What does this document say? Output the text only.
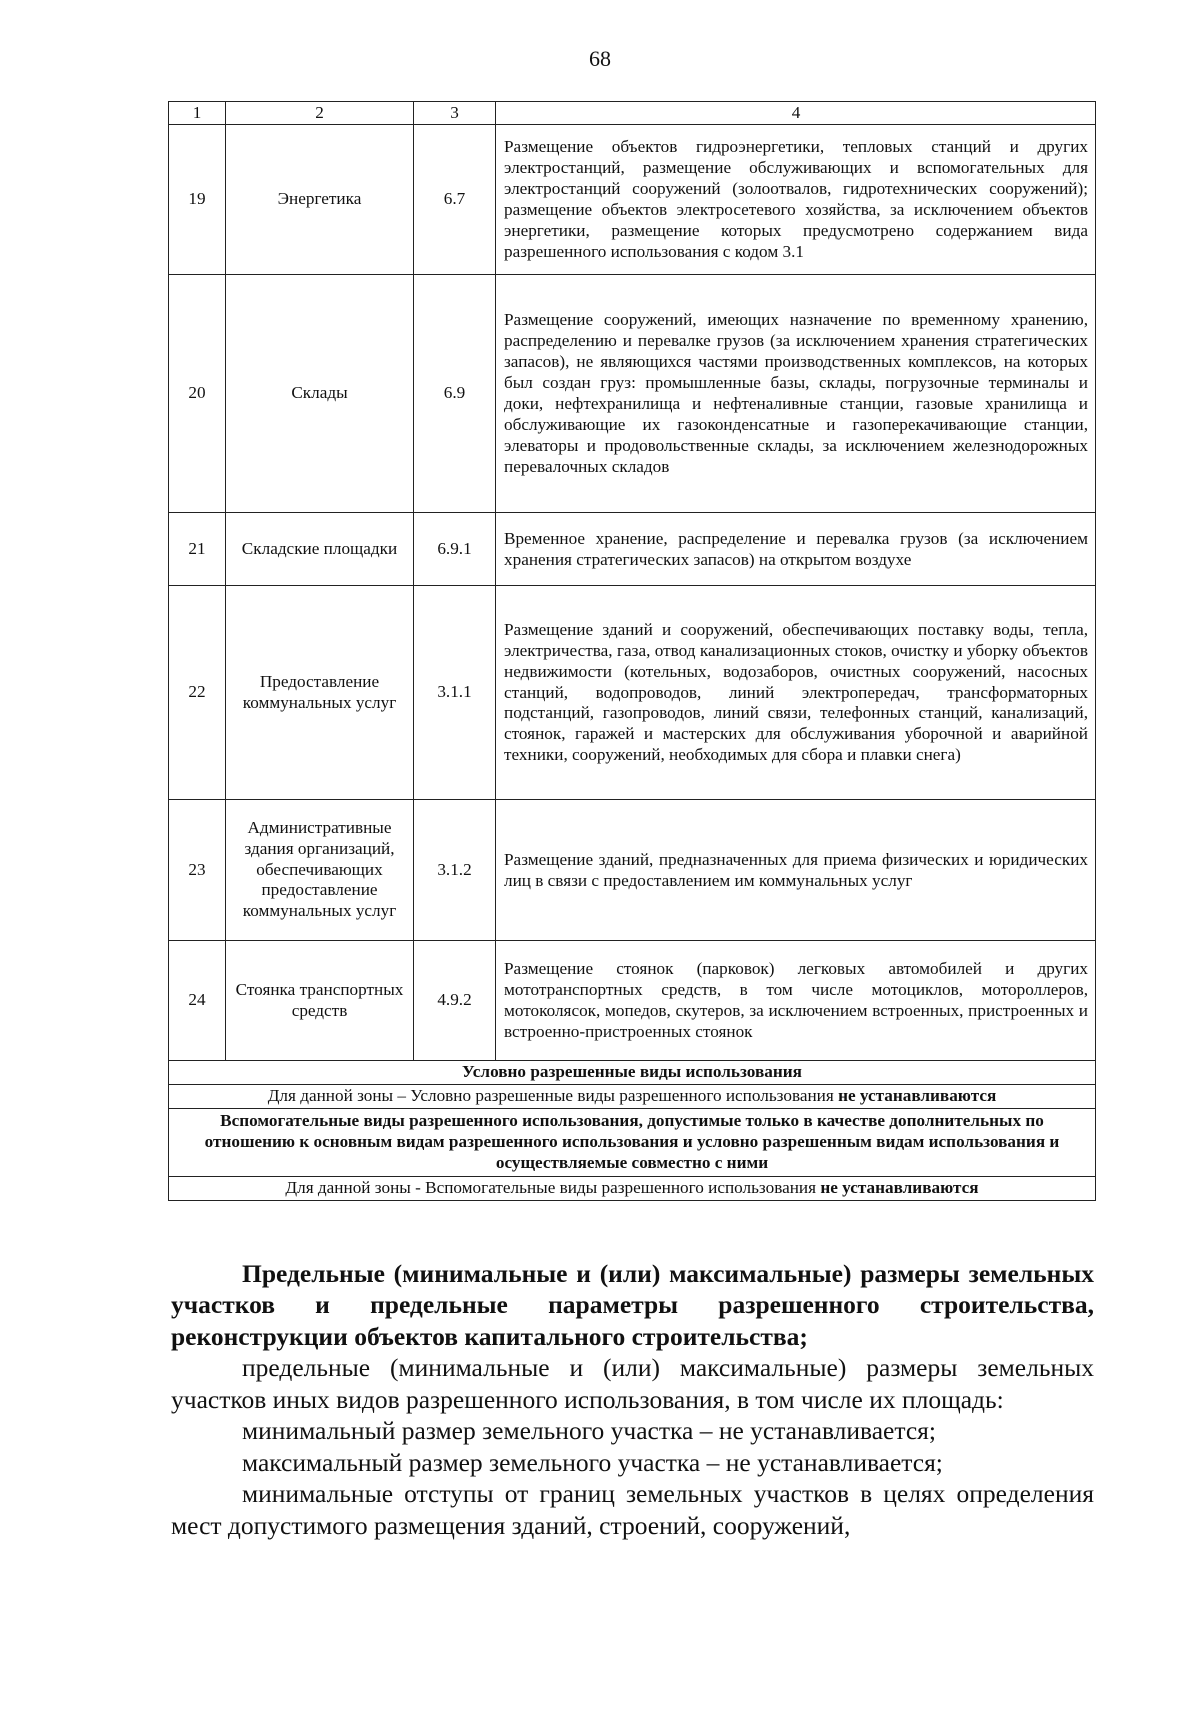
68
1	2	3	4
19	Энергетика	6.7	Размещение объектов гидроэнергетики, тепловых станций и других электростанций, размещение обслуживающих и вспомогательных для электростанций сооружений (золоотвалов, гидротехнических сооружений); размещение объектов электросетевого хозяйства, за исключением объектов энергетики, размещение которых предусмотрено содержанием вида разрешенного использования с кодом 3.1
20	Склады	6.9	Размещение сооружений, имеющих назначение по временному хранению, распределению и перевалке грузов (за исключением хранения стратегических запасов), не являющихся частями производственных комплексов, на которых был создан груз: промышленные базы, склады, погрузочные терминалы и доки, нефтехранилища и нефтеналивные станции, газовые хранилища и обслуживающие их газоконденсатные и газоперекачивающие станции, элеваторы и продовольственные склады, за исключением железнодорожных перевалочных складов
21	Складские площадки	6.9.1	Временное хранение, распределение и перевалка грузов (за исключением хранения стратегических запасов) на открытом воздухе
22	Предоставление коммунальных услуг	3.1.1	Размещение зданий и сооружений, обеспечивающих поставку воды, тепла, электричества, газа, отвод канализационных стоков, очистку и уборку объектов недвижимости (котельных, водозаборов, очистных сооружений, насосных станций, водопроводов, линий электропередач, трансформаторных подстанций, газопроводов, линий связи, телефонных станций, канализаций, стоянок, гаражей и мастерских для обслуживания уборочной и аварийной техники, сооружений, необходимых для сбора и плавки снега)
23	Административные здания организаций, обеспечивающих предоставление коммунальных услуг	3.1.2	Размещение зданий, предназначенных для приема физических и юридических лиц в связи с предоставлением им коммунальных услуг
24	Стоянка транспортных средств	4.9.2	Размещение стоянок (парковок) легковых автомобилей и других мототранспортных средств, в том числе мотоциклов, мотороллеров, мотоколясок, мопедов, скутеров, за исключением встроенных, пристроенных и встроенно-пристроенных стоянок
Условно разрешенные виды использования			
Для данной зоны – Условно разрешенные виды разрешенного использования не устанавливаются			
Вспомогательные виды разрешенного использования, допустимые только в качестве дополнительных по отношению к основным видам разрешенного использования и условно разрешенным видам использования и осуществляемые совместно с ними			
Для данной зоны - Вспомогательные виды разрешенного использования не устанавливаются			

Предельные (минимальные и (или) максимальные) размеры земельных участков и предельные параметры разрешенного строительства, реконструкции объектов капитального строительства;

предельные (минимальные и (или) максимальные) размеры земельных участков иных видов разрешенного использования, в том числе их площадь:

минимальный размер земельного участка – не устанавливается;

максимальный размер земельного участка – не устанавливается;

минимальные отступы от границ земельных участков в целях определения мест допустимого размещения зданий, строений, сооружений,
